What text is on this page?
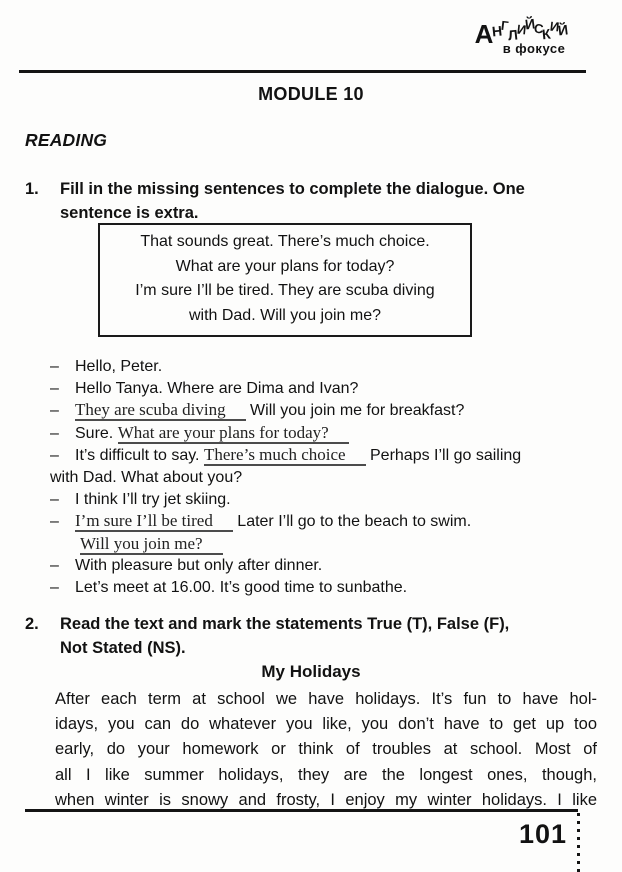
АНГЛИЙСКИЙ
в фокусе
MODULE 10
READING
1.	Fill in the missing sentences to complete the dialogue. One
sentence is extra.
That sounds great. There’s much choice.
What are your plans for today?
I’m sure I’ll be tired. They are scuba diving
with Dad. Will you join me?
– Hello, Peter.
– Hello Tanya. Where are Dima and Ivan?
– They are scuba diving Will you join me for breakfast?
– Sure. What are your plans for today?
– It’s difficult to say. There’s much choice Perhaps I’ll go sailing
with Dad. What about you?
– I think I’ll try jet skiing.
– I’m sure I’ll be tired Later I’ll go to the beach to swim.
Will you join me?
– With pleasure but only after dinner.
– Let’s meet at 16.00. It’s good time to sunbathe.
2.	Read the text and mark the statements True (T), False (F),
Not Stated (NS).
My Holidays
After each term at school we have holidays. It’s fun to have hol-
idays, you can do whatever you like, you don’t have to get up too
early, do your homework or think of troubles at school. Most of
all I like summer holidays, they are the longest ones, though,
when winter is snowy and frosty, I enjoy my winter holidays. I like
101
